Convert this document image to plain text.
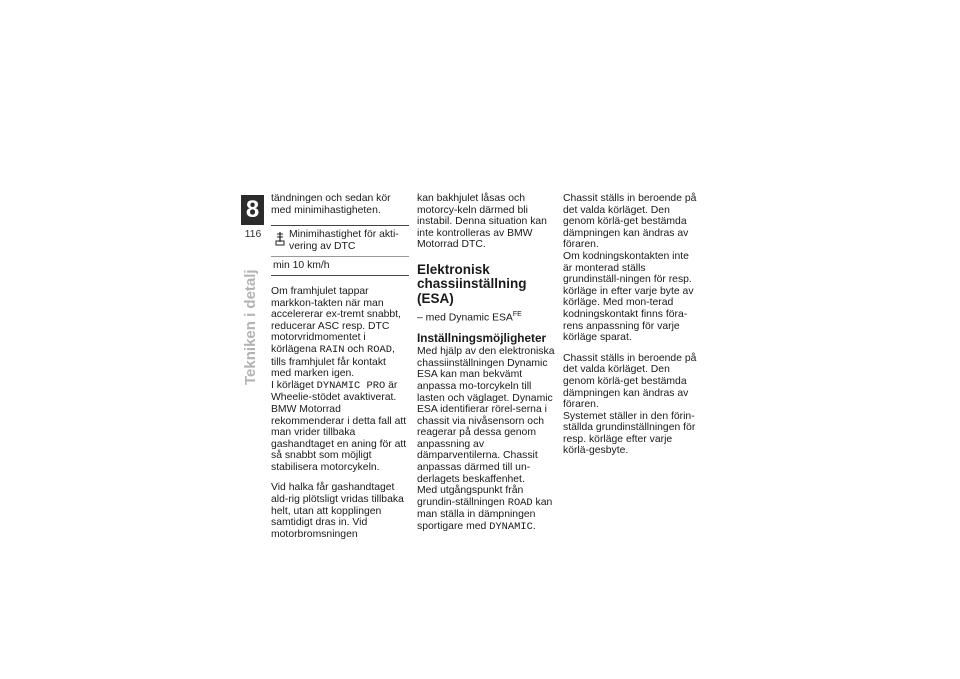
8
116
Tekniken i detalj

tändningen och sedan kör med minimihastigheten.

Minimihastighet för akti-vering av DTC
min 10 km/h

Om framhjulet tappar markkon-takten när man accelererar ex-tremt snabbt, reducerar ASC resp. DTC motorvridmomentet i körlägena RAIN och ROAD, tills framhjulet får kontakt med marken igen.
I körläget DYNAMIC PRO är Wheelie-stödet avaktiverat.
BMW Motorrad rekommenderar i detta fall att man vrider tillbaka gashandtaget en aning för att så snabbt som möjligt stabilisera motorcykeln.

Vid halka får gashandtaget ald-rig plötsligt vridas tillbaka helt, utan att kopplingen samtidigt dras in. Vid motorbromsningen

kan bakhjulet låsas och motorcy-keln därmed bli instabil. Denna situation kan inte kontrolleras av BMW Motorrad DTC.

Elektronisk chassiinställning (ESA)
– med Dynamic $ESA^{FE}$
Inställningsmöjligheter

Med hjälp av den elektroniska chassiinställningen Dynamic ESA kan man bekvämt anpassa mo-torcykeln till lasten och väglaget. Dynamic ESA identifierar rörel-serna i chassit via nivåsensorn och reagerar på dessa genom anpassning av dämparventilerna. Chassit anpassas därmed till un-derlagets beskaffenhet.
Med utgångspunkt från grundin-ställningen ROAD kan man ställa in dämpningen sportigare med DYNAMIC.

Chassit ställs in beroende på det valda körläget. Den genom körlä-get bestämda dämpningen kan ändras av föraren.
Om kodningskontakten inte är monterad ställs grundinställ-ningen för resp. körläge in efter varje byte av körläge. Med mon-terad kodningskontakt finns föra-rens anpassning för varje körläge sparat.

Chassit ställs in beroende på det valda körläget. Den genom körlä-get bestämda dämpningen kan ändras av föraren.
Systemet ställer in den förin-ställda grundinställningen för resp. körläge efter varje körlä-gesbyte.
